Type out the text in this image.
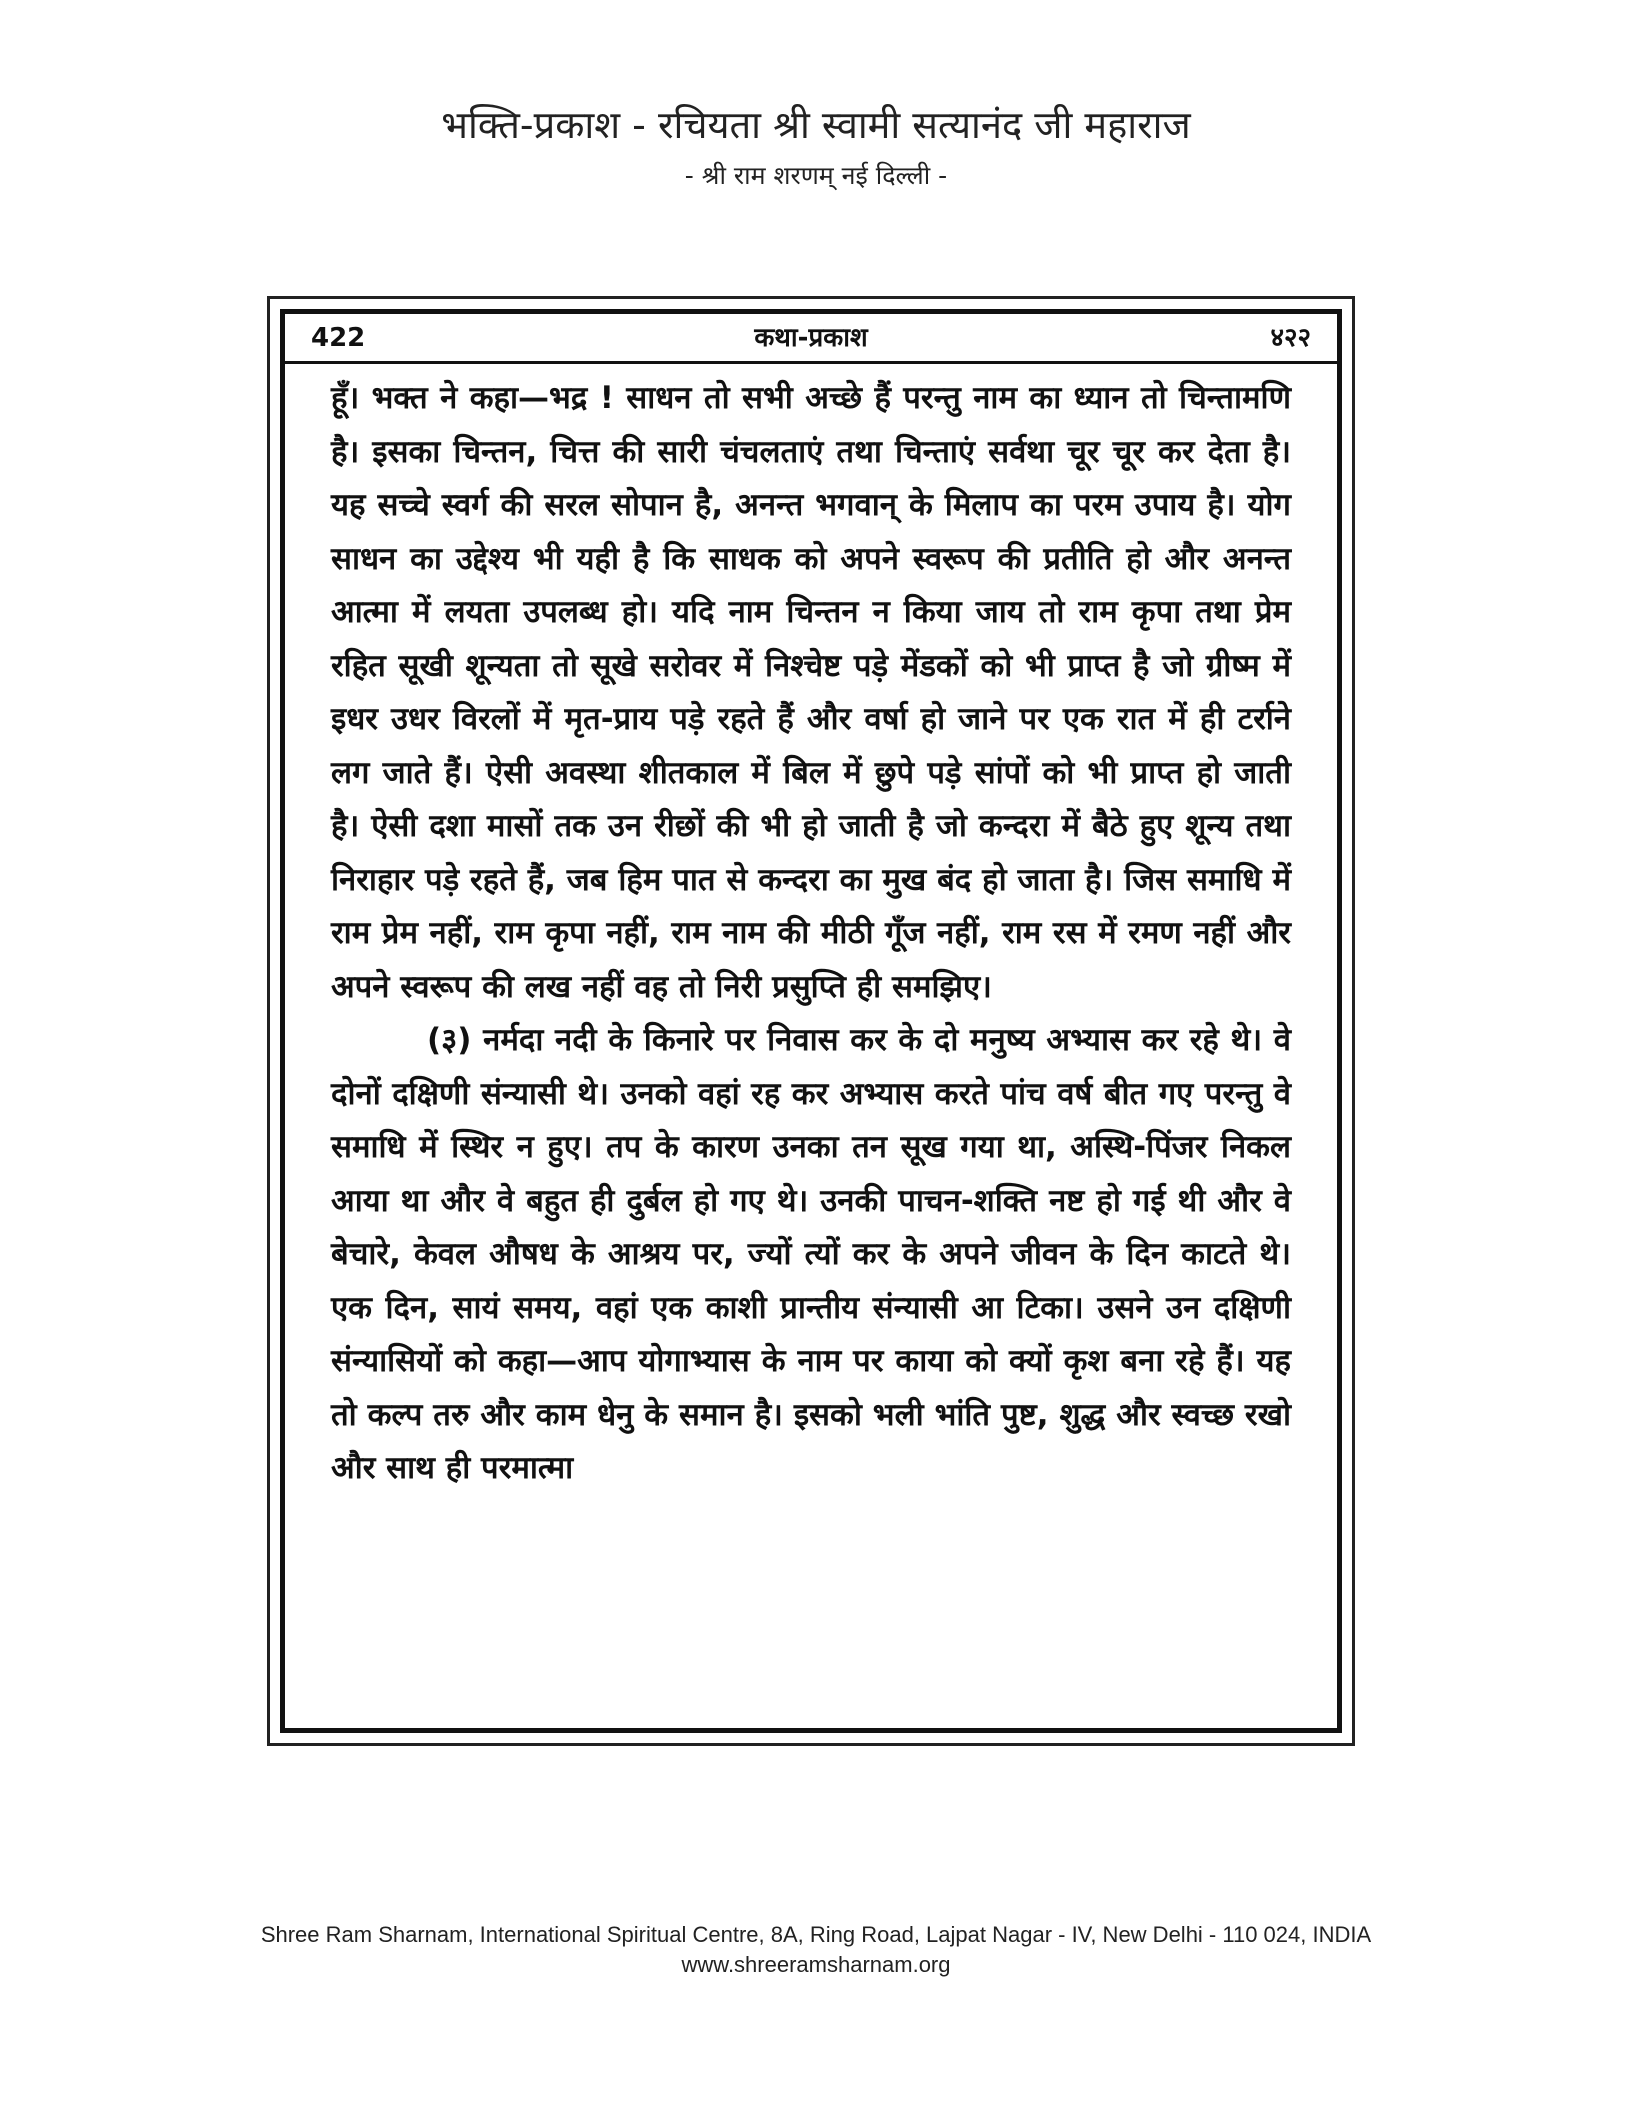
भक्ति-प्रकाश - रचियता श्री स्वामी सत्यानंद जी महाराज
- श्री राम शरणम् नई दिल्ली -
422	कथा-प्रकाश	४२२

हूँ। भक्त ने कहा—भद्र ! साधन तो सभी अच्छे हैं परन्तु नाम का ध्यान तो चिन्तामणि है। इसका चिन्तन, चित्त की सारी चंचलताएं तथा चिन्ताएं सर्वथा चूर चूर कर देता है। यह सच्चे स्वर्ग की सरल सोपान है, अनन्त भगवान् के मिलाप का परम उपाय है। योग साधन का उद्देश्य भी यही है कि साधक को अपने स्वरूप की प्रतीति हो और अनन्त आत्मा में लयता उपलब्ध हो। यदि नाम चिन्तन न किया जाय तो राम कृपा तथा प्रेम रहित सूखी शून्यता तो सूखे सरोवर में निश्चेष्ट पड़े मेंडकों को भी प्राप्त है जो ग्रीष्म में इधर उधर विरलों में मृत-प्राय पड़े रहते हैं और वर्षा हो जाने पर एक रात में ही टर्राने लग जाते हैं। ऐसी अवस्था शीतकाल में बिल में छुपे पड़े सांपों को भी प्राप्त हो जाती है। ऐसी दशा मासों तक उन रीछों की भी हो जाती है जो कन्दरा में बैठे हुए शून्य तथा निराहार पड़े रहते हैं, जब हिम पात से कन्दरा का मुख बंद हो जाता है। जिस समाधि में राम प्रेम नहीं, राम कृपा नहीं, राम नाम की मीठी गूँज नहीं, राम रस में रमण नहीं और अपने स्वरूप की लख नहीं वह तो निरी प्रसुप्ति ही समझिए।

(३) नर्मदा नदी के किनारे पर निवास कर के दो मनुष्य अभ्यास कर रहे थे। वे दोनों दक्षिणी संन्यासी थे। उनको वहां रह कर अभ्यास करते पांच वर्ष बीत गए परन्तु वे समाधि में स्थिर न हुए। तप के कारण उनका तन सूख गया था, अस्थि-पिंजर निकल आया था और वे बहुत ही दुर्बल हो गए थे। उनकी पाचन-शक्ति नष्ट हो गई थी और वे बेचारे, केवल औषध के आश्रय पर, ज्यों त्यों कर के अपने जीवन के दिन काटते थे। एक दिन, सायं समय, वहां एक काशी प्रान्तीय संन्यासी आ टिका। उसने उन दक्षिणी संन्यासियों को कहा—आप योगाभ्यास के नाम पर काया को क्यों कृश बना रहे हैं। यह तो कल्प तरु और काम धेनु के समान है। इसको भली भांति पुष्ट, शुद्ध और स्वच्छ रखो और साथ ही परमात्मा

Shree Ram Sharnam, International Spiritual Centre, 8A, Ring Road, Lajpat Nagar - IV, New Delhi - 110 024, INDIA
www.shreeramsharnam.org
